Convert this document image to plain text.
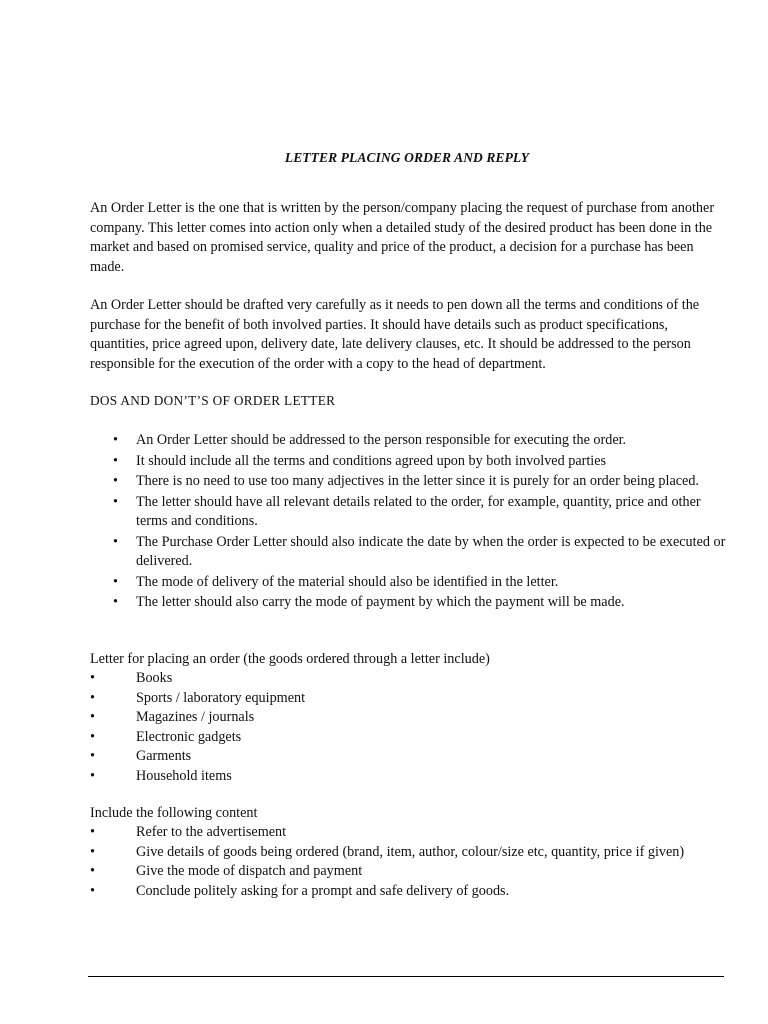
LETTER PLACING ORDER AND REPLY
An Order Letter is the one that is written by the person/company placing the request of purchase from another company. This letter comes into action only when a detailed study of the desired product has been done in the market and based on promised service, quality and price of the product, a decision for a purchase has been made.
An Order Letter should be drafted very carefully as it needs to pen down all the terms and conditions of the purchase for the benefit of both involved parties. It should have details such as product specifications, quantities, price agreed upon, delivery date, late delivery clauses, etc. It should be addressed to the person responsible for the execution of the order with a copy to the head of department.
DOS AND DON’T’S OF ORDER LETTER
• An Order Letter should be addressed to the person responsible for executing the order.
• It should include all the terms and conditions agreed upon by both involved parties
• There is no need to use too many adjectives in the letter since it is purely for an order being placed.
• The letter should have all relevant details related to the order, for example, quantity, price and other terms and conditions.
• The Purchase Order Letter should also indicate the date by when the order is expected to be executed or delivered.
• The mode of delivery of the material should also be identified in the letter.
• The letter should also carry the mode of payment by which the payment will be made.
Letter for placing an order (the goods ordered through a letter include)
•	Books
•	Sports / laboratory equipment
•	Magazines / journals
•	Electronic gadgets
•	Garments
•	Household items
Include the following content
•	Refer to the advertisement
•	Give details of goods being ordered (brand, item, author, colour/size etc, quantity, price if given)
•	Give the mode of dispatch and payment
•	Conclude politely asking for a prompt and safe delivery of goods.
